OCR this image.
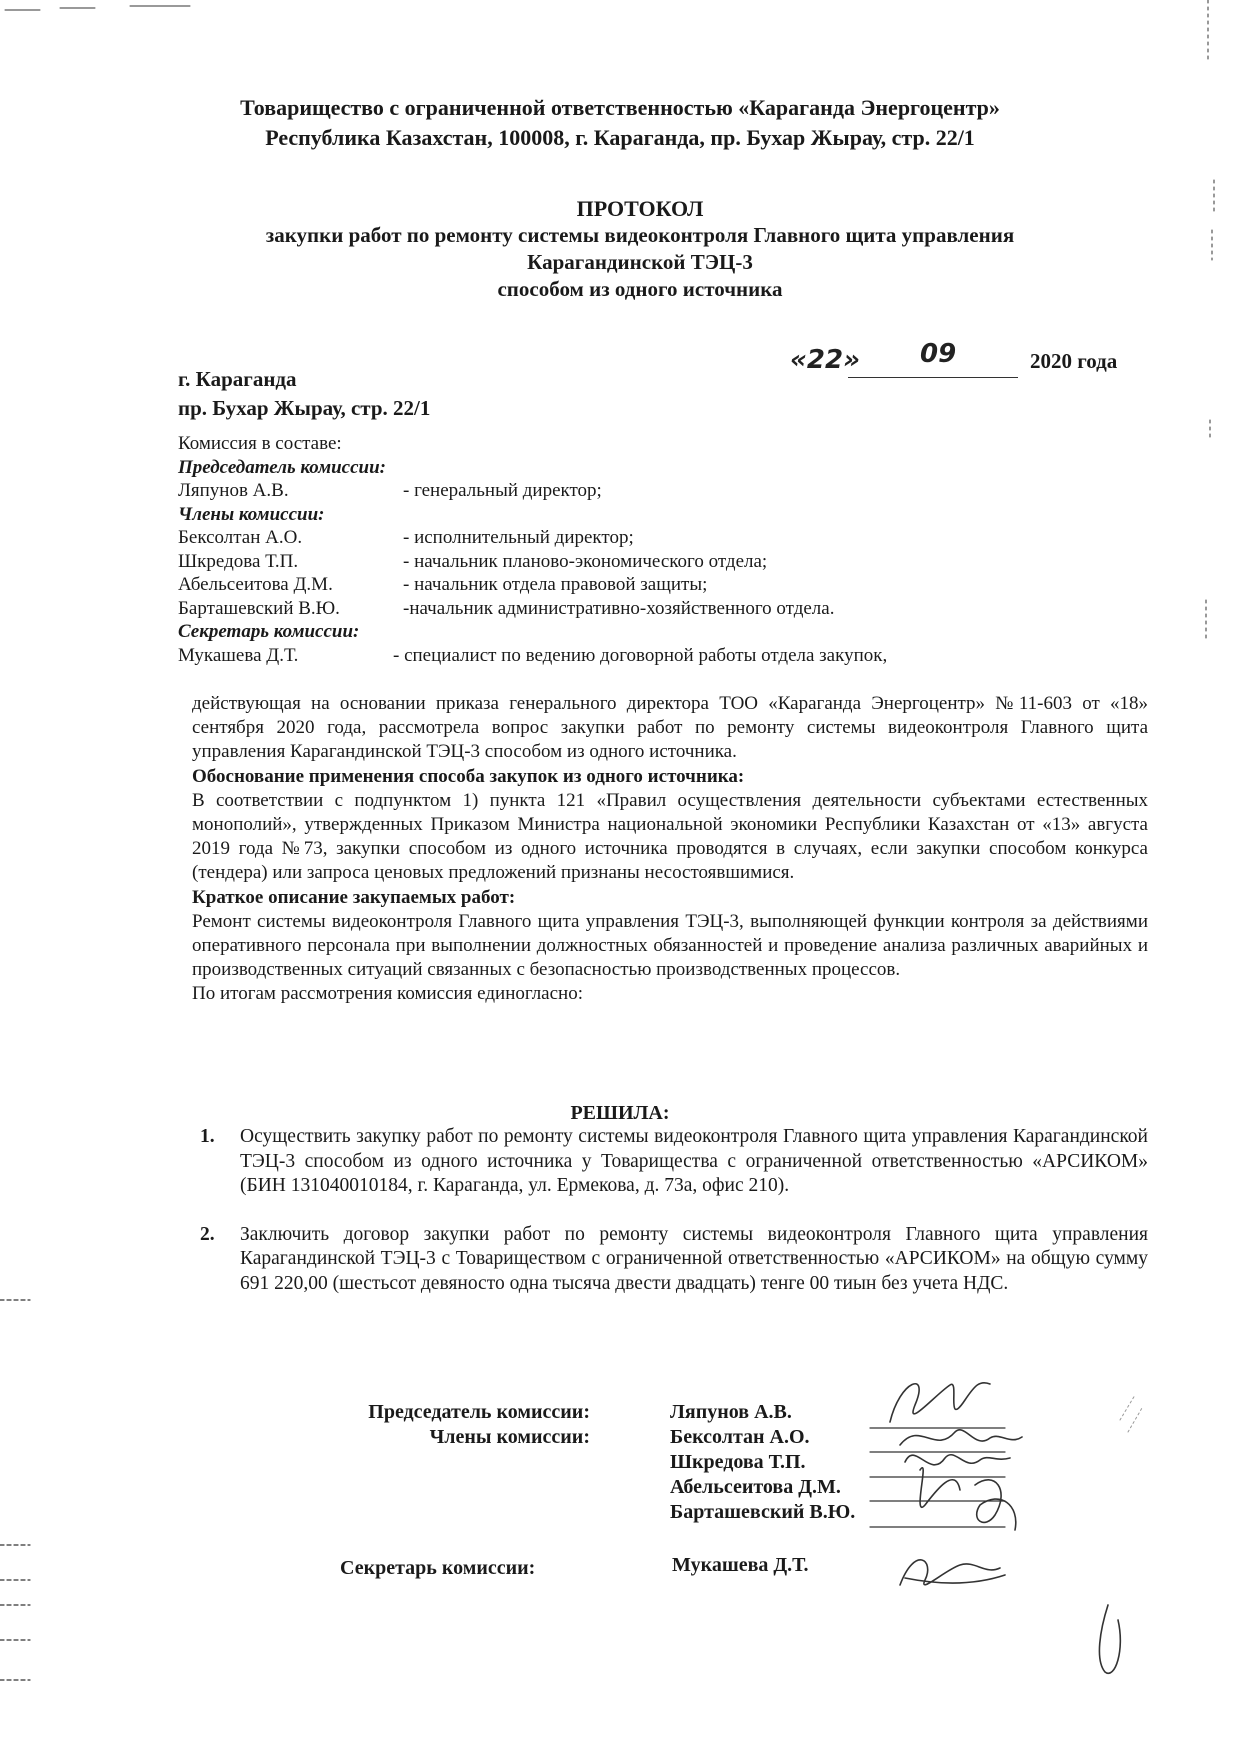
Товарищество с ограниченной ответственностью «Караганда Энергоцентр»
Республика Казахстан, 100008, г. Караганда, пр. Бухар Жырау, стр. 22/1
ПРОТОКОЛ
закупки работ по ремонту системы видеоконтроля Главного щита управления
Карагандинской ТЭЦ-3
способом из одного источника
г. Караганда
пр. Бухар Жырау, стр. 22/1
«22» 09	2020 года
Комиссия в составе:
Председатель комиссии:
Ляпунов А.В.	- генеральный директор;
Члены комиссии:
Бексолтан А.О.	- исполнительный директор;
Шкредова Т.П.	- начальник планово-экономического отдела;
Абельсеитова Д.М.	- начальник отдела правовой защиты;
Барташевский В.Ю.	-начальник административно-хозяйственного отдела.
Секретарь комиссии:
Мукашева Д.Т.	- специалист по ведению договорной работы отдела закупок,

действующая на основании приказа генерального директора ТОО «Караганда Энергоцентр» №11-603 от «18» сентября 2020 года, рассмотрела вопрос закупки работ по ремонту системы видеоконтроля Главного щита управления Карагандинской ТЭЦ-3 способом из одного источника.

Обоснование применения способа закупок из одного источника:

В соответствии с подпунктом 1) пункта 121 «Правил осуществления деятельности субъектами естественных монополий», утвержденных Приказом Министра национальной экономики Республики Казахстан от «13» августа 2019 года №73, закупки способом из одного источника проводятся в случаях, если закупки способом конкурса (тендера) или запроса ценовых предложений признаны несостоявшимися.

Краткое описание закупаемых работ:

Ремонт системы видеоконтроля Главного щита управления ТЭЦ-3, выполняющей функции контроля за действиями оперативного персонала при выполнении должностных обязанностей и проведение анализа различных аварийных и производственных ситуаций связанных с безопасностью производственных процессов.

По итогам рассмотрения комиссия единогласно:

РЕШИЛА:
1.	Осуществить закупку работ по ремонту системы видеоконтроля Главного щита управления Карагандинской ТЭЦ-3 способом из одного источника у Товарищества с ограниченной ответственностью «АРСИКОМ» (БИН 131040010184, г. Караганда, ул. Ермекова, д. 73а, офис 210).
2.	Заключить договор закупки работ по ремонту системы видеоконтроля Главного щита управления Карагандинской ТЭЦ-3 с Товариществом с ограниченной ответственностью «АРСИКОМ» на общую сумму 691 220,00 (шестьсот девяносто одна тысяча двести двадцать) тенге 00 тиын без учета НДС.
Председатель комиссии:	Ляпунов А.В.
Члены комиссии:	Бексолтан А.О.
Шкредова Т.П.
Абельсеитова Д.М.
Барташевский В.Ю.
Секретарь комиссии:	Мукашева Д.Т.
